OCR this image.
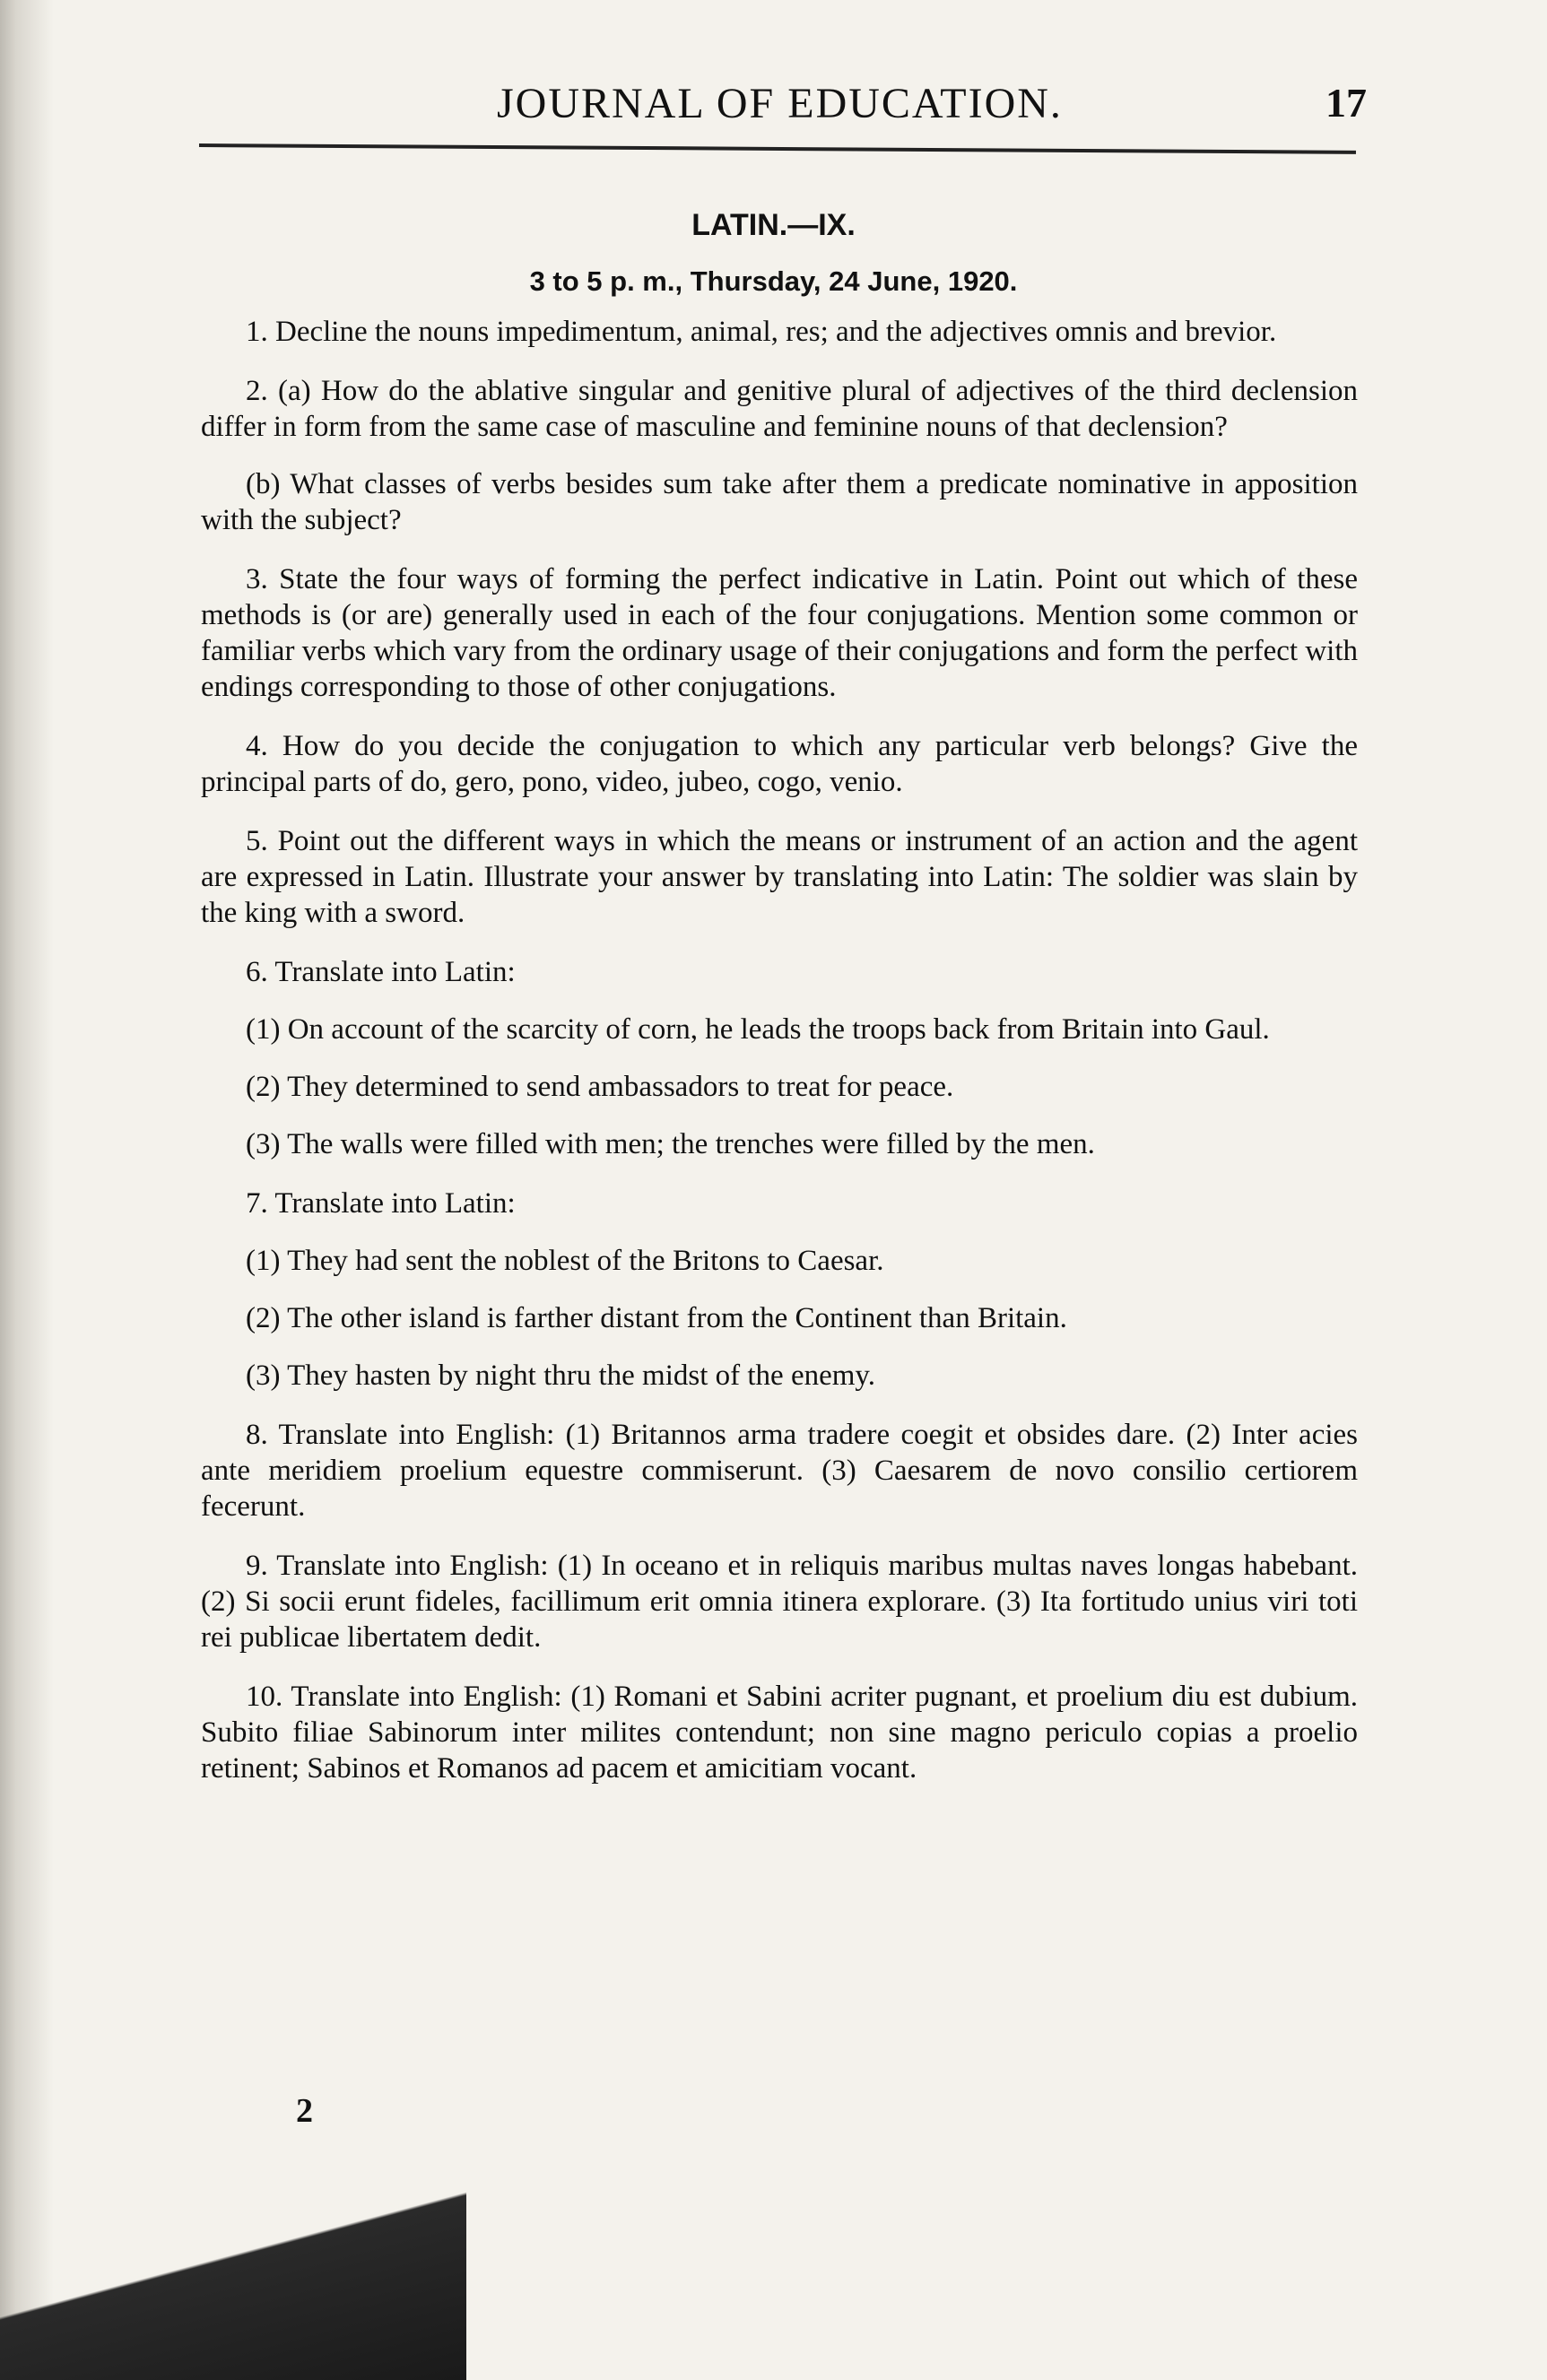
JOURNAL OF EDUCATION.	17
LATIN.—IX.
3 to 5 p. m., Thursday, 24 June, 1920.

1. Decline the nouns impedimentum, animal, res; and the adjectives omnis and brevior.

2. (a) How do the ablative singular and genitive plural of adjectives of the third declension differ in form from the same case of masculine and feminine nouns of that declension?

(b) What classes of verbs besides sum take after them a predicate nominative in apposition with the subject?

3. State the four ways of forming the perfect indicative in Latin. Point out which of these methods is (or are) generally used in each of the four conjugations. Mention some common or familiar verbs which vary from the ordinary usage of their conjugations and form the perfect with endings corresponding to those of other conjugations.

4. How do you decide the conjugation to which any particular verb belongs? Give the principal parts of do, gero, pono, video, jubeo, cogo, venio.

5. Point out the different ways in which the means or instrument of an action and the agent are expressed in Latin. Illustrate your answer by translating into Latin: The soldier was slain by the king with a sword.

6. Translate into Latin:

(1) On account of the scarcity of corn, he leads the troops back from Britain into Gaul.

(2) They determined to send ambassadors to treat for peace.

(3) The walls were filled with men; the trenches were filled by the men.

7. Translate into Latin:

(1) They had sent the noblest of the Britons to Caesar.

(2) The other island is farther distant from the Continent than Britain.

(3) They hasten by night thru the midst of the enemy.

8. Translate into English: (1) Britannos arma tradere coegit et obsides dare. (2) Inter acies ante meridiem proelium equestre commiserunt. (3) Caesarem de novo consilio certiorem fecerunt.

9. Translate into English: (1) In oceano et in reliquis maribus multas naves longas habebant. (2) Si socii erunt fideles, facillimum erit omnia itinera explorare. (3) Ita fortitudo unius viri toti rei publicae libertatem dedit.

10. Translate into English: (1) Romani et Sabini acriter pugnant, et proelium diu est dubium. Subito filiae Sabinorum inter milites contendunt; non sine magno periculo copias a proelio retinent; Sabinos et Romanos ad pacem et amicitiam vocant.

2
